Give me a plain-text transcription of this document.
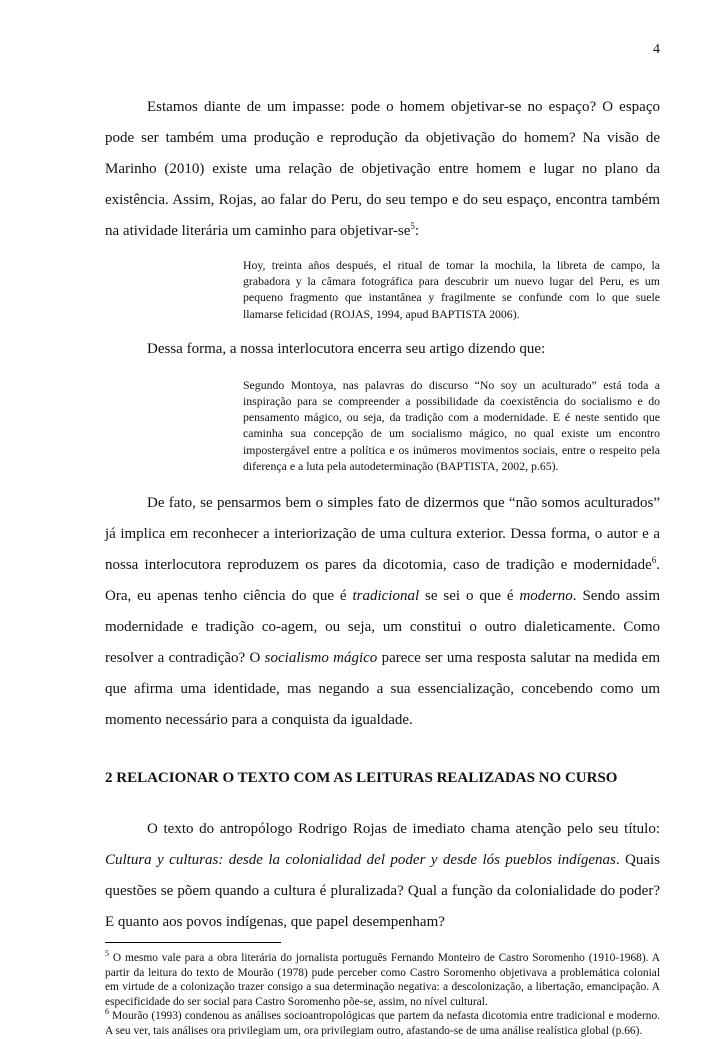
4

Estamos diante de um impasse: pode o homem objetivar-se no espaço? O espaço pode ser também uma produção e reprodução da objetivação do homem? Na visão de Marinho (2010) existe uma relação de objetivação entre homem e lugar no plano da existência. Assim, Rojas, ao falar do Peru, do seu tempo e do seu espaço, encontra também na atividade literária um caminho para objetivar-$se^5$:

Hoy, treinta años después, el ritual de tomar la mochila, la libreta de campo, la grabadora y la câmara fotográfica para descubrir um nuevo lugar del Peru, es um pequeno fragmento que instantânea y fragilmente se confunde com lo que suele llamarse felicidad (ROJAS, 1994, apud BAPTISTA 2006).

Dessa forma, a nossa interlocutora encerra seu artigo dizendo que:

Segundo Montoya, nas palavras do discurso “No soy un aculturado” está toda a inspiração para se compreender a possibilidade da coexistência do socialismo e do pensamento mágico, ou seja, da tradição com a modernidade. E é neste sentido que caminha sua concepção de um socialismo mágico, no qual existe um encontro impostergável entre a política e os inúmeros movimentos sociais, entre o respeito pela diferença e a luta pela autodeterminação (BAPTISTA, 2002, p.65).

De fato, se pensarmos bem o simples fato de dizermos que “não somos aculturados” já implica em reconhecer a interiorização de uma cultura exterior. Dessa forma, o autor e a nossa interlocutora reproduzem os pares da dicotomia, caso de tradição e modernidade$^6$. Ora, eu apenas tenho ciência do que é tradicional se sei o que é moderno. Sendo assim modernidade e tradição co-agem, ou seja, um constitui o outro dialeticamente. Como resolver a contradição? O socialismo mágico parece ser uma resposta salutar na medida em que afirma uma identidade, mas negando a sua essencialização, concebendo como um momento necessário para a conquista da igualdade.

2 RELACIONAR O TEXTO COM AS LEITURAS REALIZADAS NO CURSO

O texto do antropólogo Rodrigo Rojas de imediato chama atenção pelo seu título: Cultura y culturas: desde la colonialidad del poder y desde lós pueblos indígenas. Quais questões se põem quando a cultura é pluralizada? Qual a função da colonialidade do poder? E quanto aos povos indígenas, que papel desempenham?

$^5$ O mesmo vale para a obra literária do jornalista português Fernando Monteiro de Castro Soromenho (1910-1968). A partir da leitura do texto de Mourão (1978) pude perceber como Castro Soromenho objetivava a problemática colonial em virtude de a colonização trazer consigo a sua determinação negativa: a descolonização, a libertação, emancipação. A especificidade do ser social para Castro Soromenho põe-se, assim, no nível cultural.

$^6$ Mourão (1993) condenou as análises socioantropológicas que partem da nefasta dicotomia entre tradicional e moderno. A seu ver, tais análises ora privilegiam um, ora privilegiam outro, afastando-se de uma análise realística global (p.66).
